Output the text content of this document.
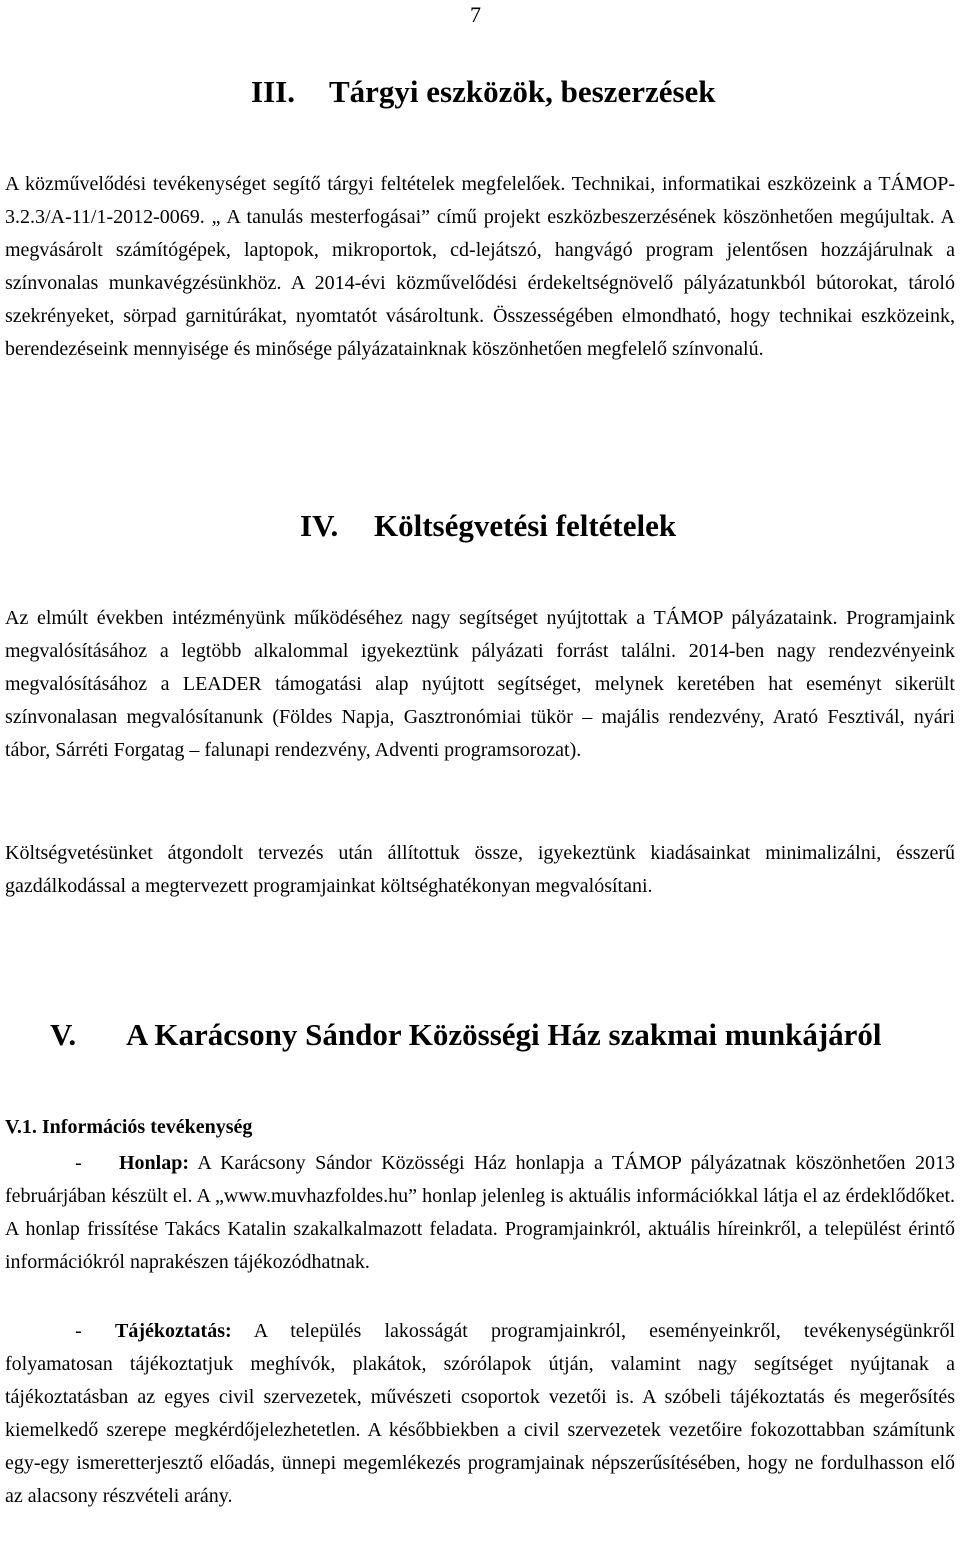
7
III. Tárgyi eszközök, beszerzések

A közművelődési tevékenységet segítő tárgyi feltételek megfelelőek. Technikai, informatikai eszközeink a TÁMOP-3.2.3/A-11/1-2012-0069. „ A tanulás mesterfogásai” című projekt eszközbeszerzésének köszönhetően megújultak. A megvásárolt számítógépek, laptopok, mikroportok, cd-lejátszó, hangvágó program jelentősen hozzájárulnak a színvonalas munkavégzésünkhöz. A 2014-évi közművelődési érdekeltségnövelő pályázatunkból bútorokat, tároló szekrényeket, sörpad garnitúrákat, nyomtatót vásároltunk. Összességében elmondható, hogy technikai eszközeink, berendezéseink mennyisége és minősége pályázatainknak köszönhetően megfelelő színvonalú.

IV. Költségvetési feltételek

Az elmúlt években intézményünk működéséhez nagy segítséget nyújtottak a TÁMOP pályázataink. Programjaink megvalósításához a legtöbb alkalommal igyekeztünk pályázati forrást találni. 2014-ben nagy rendezvényeink megvalósításához a LEADER támogatási alap nyújtott segítséget, melynek keretében hat eseményt sikerült színvonalasan megvalósítanunk (Földes Napja, Gasztronómiai tükör – majális rendezvény, Arató Fesztivál, nyári tábor, Sárréti Forgatag – falunapi rendezvény, Adventi programsorozat).

Költségvetésünket átgondolt tervezés után állítottuk össze, igyekeztünk kiadásainkat minimalizálni, ésszerű gazdálkodással a megtervezett programjainkat költséghatékonyan megvalósítani.

V. A Karácsony Sándor Közösségi Ház szakmai munkájáról
V.1. Információs tevékenység

- Honlap: A Karácsony Sándor Közösségi Ház honlapja a TÁMOP pályázatnak köszönhetően 2013 februárjában készült el. A „www.muvhazfoldes.hu” honlap jelenleg is aktuális információkkal látja el az érdeklődőket. A honlap frissítése Takács Katalin szakalkalmazott feladata. Programjainkról, aktuális híreinkről, a települést érintő információkról naprakészen tájékozódhatnak.

- Tájékoztatás: A település lakosságát programjainkról, eseményeinkről, tevékenységünkről folyamatosan tájékoztatjuk meghívók, plakátok, szórólapok útján, valamint nagy segítséget nyújtanak a tájékoztatásban az egyes civil szervezetek, művészeti csoportok vezetői is. A szóbeli tájékoztatás és megerősítés kiemelkedő szerepe megkérdőjelezhetetlen. A későbbiekben a civil szervezetek vezetőire fokozottabban számítunk egy-egy ismeretterjesztő előadás, ünnepi megemlékezés programjainak népszerűsítésében, hogy ne fordulhasson elő az alacsony részvételi arány.
